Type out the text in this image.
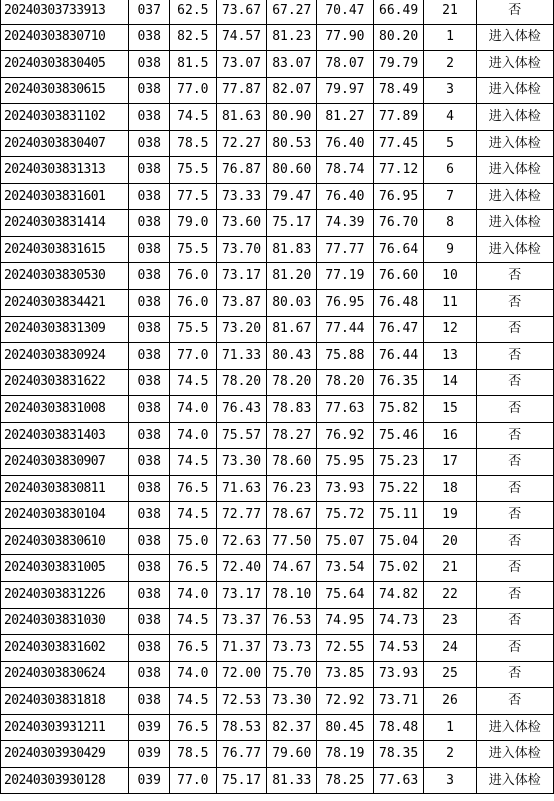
20240303733913	037	62.5	73.67	67.27	70.47	66.49	21	否
20240303830710	038	82.5	74.57	81.23	77.90	80.20	1	进入体检
20240303830405	038	81.5	73.07	83.07	78.07	79.79	2	进入体检
20240303830615	038	77.0	77.87	82.07	79.97	78.49	3	进入体检
20240303831102	038	74.5	81.63	80.90	81.27	77.89	4	进入体检
20240303830407	038	78.5	72.27	80.53	76.40	77.45	5	进入体检
20240303831313	038	75.5	76.87	80.60	78.74	77.12	6	进入体检
20240303831601	038	77.5	73.33	79.47	76.40	76.95	7	进入体检
20240303831414	038	79.0	73.60	75.17	74.39	76.70	8	进入体检
20240303831615	038	75.5	73.70	81.83	77.77	76.64	9	进入体检
20240303830530	038	76.0	73.17	81.20	77.19	76.60	10	否
20240303834421	038	76.0	73.87	80.03	76.95	76.48	11	否
20240303831309	038	75.5	73.20	81.67	77.44	76.47	12	否
20240303830924	038	77.0	71.33	80.43	75.88	76.44	13	否
20240303831622	038	74.5	78.20	78.20	78.20	76.35	14	否
20240303831008	038	74.0	76.43	78.83	77.63	75.82	15	否
20240303831403	038	74.0	75.57	78.27	76.92	75.46	16	否
20240303830907	038	74.5	73.30	78.60	75.95	75.23	17	否
20240303830811	038	76.5	71.63	76.23	73.93	75.22	18	否
20240303830104	038	74.5	72.77	78.67	75.72	75.11	19	否
20240303830610	038	75.0	72.63	77.50	75.07	75.04	20	否
20240303831005	038	76.5	72.40	74.67	73.54	75.02	21	否
20240303831226	038	74.0	73.17	78.10	75.64	74.82	22	否
20240303831030	038	74.5	73.37	76.53	74.95	74.73	23	否
20240303831602	038	76.5	71.37	73.73	72.55	74.53	24	否
20240303830624	038	74.0	72.00	75.70	73.85	73.93	25	否
20240303831818	038	74.5	72.53	73.30	72.92	73.71	26	否
20240303931211	039	76.5	78.53	82.37	80.45	78.48	1	进入体检
20240303930429	039	78.5	76.77	79.60	78.19	78.35	2	进入体检
20240303930128	039	77.0	75.17	81.33	78.25	77.63	3	进入体检
